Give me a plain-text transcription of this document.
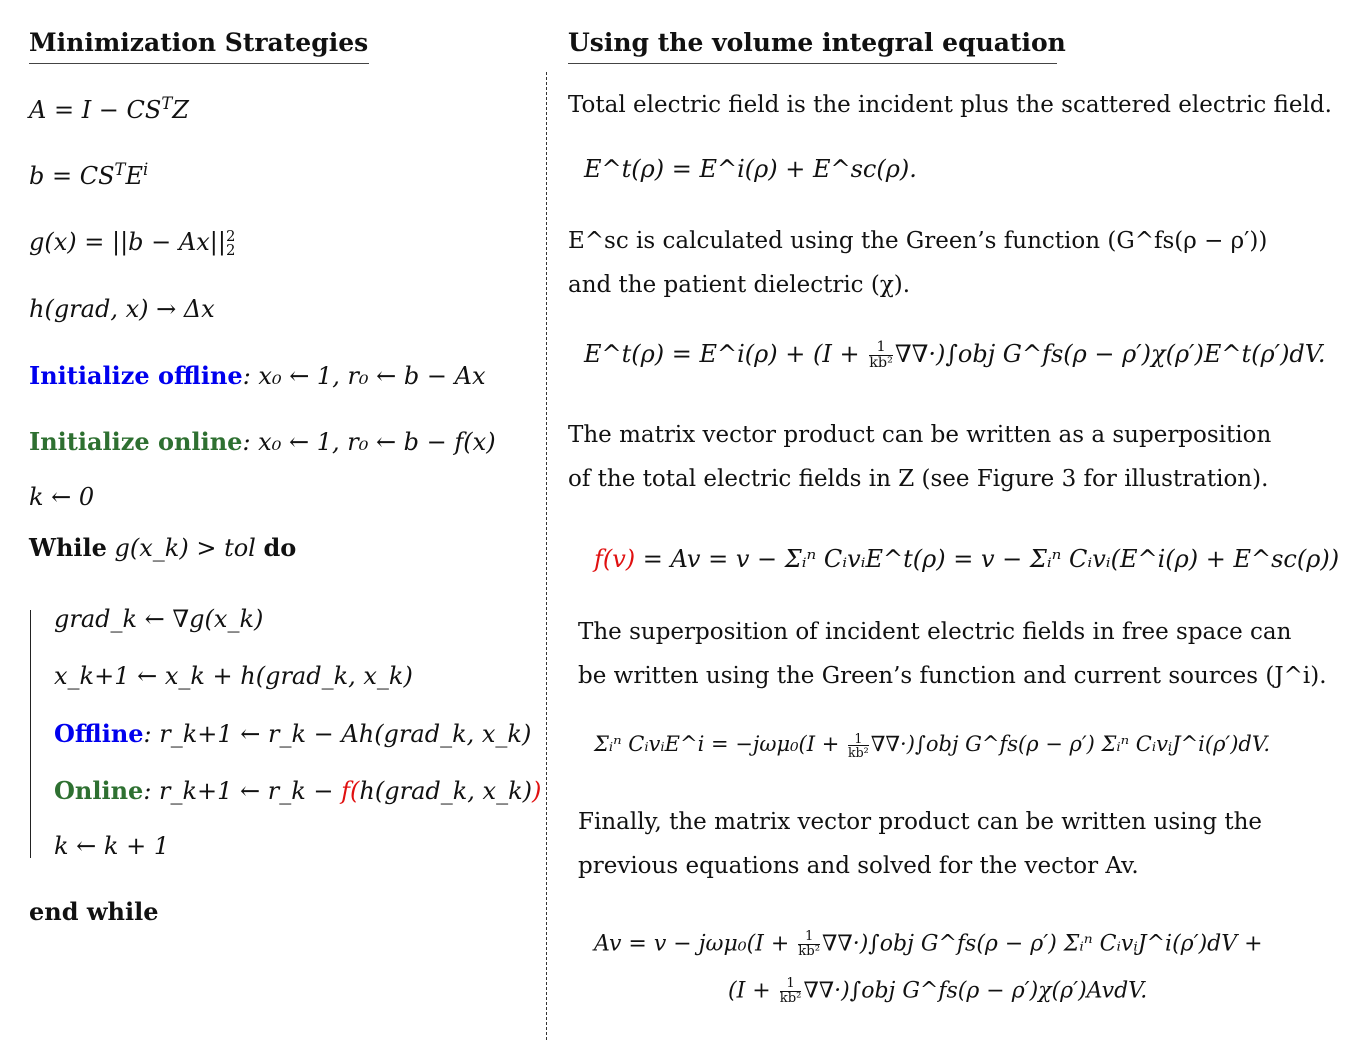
Minimization Strategies
$A = I - CS^TZ$
$b = CS^TE^i$
g(x) = ||b − Ax|| 2
2
h(grad, x) → Δx
Initialize offline: x₀ ← 1, r₀ ← b − Ax
Initialize online: x₀ ← 1, r₀ ← b − f(x)
k ← 0
While g(x_k) > tol do
grad_k ← ∇g(x_k)
x_k+1 ← x_k + h(grad_k, x_k)
Offline: r_k+1 ← r_k − Ah(grad_k, x_k)
Online: r_k+1 ← r_k − f(h(grad_k, x_k))
k ← k + 1
end while
Using the volume integral equation
Total electric field is the incident plus the scattered electric field.
E^t(ρ) = E^i(ρ) + E^sc(ρ).
E^sc is calculated using the Green’s function (G^fs(ρ − ρ′))
and the patient dielectric (χ).
E^t(ρ) = E^i(ρ) + $(I + \frac{1}{\text{kb²}} \nabla\nabla\cdot)\int obj$ G^fs(ρ − ρ′)χ(ρ′)E^t(ρ′)dV.
The matrix vector product can be written as a superposition
of the total electric fields in Z (see Figure 3 for illustration).
f(v) = Av = v − Σᵢⁿ CᵢvᵢE^t(ρ) = v − Σᵢⁿ Cᵢvᵢ(E^i(ρ) + E^sc(ρ))
The superposition of incident electric fields in free space can
be written using the Green’s function and current sources (J^i).
Σᵢⁿ CᵢvᵢE^i = $-j\omega\mu_0(I + \frac{1}{\text{kb²}} \nabla\nabla\cdot)\int obj$ G^fs(ρ − ρ′) Σᵢⁿ CᵢvᵢJ^i(ρ′)dV.
Finally, the matrix vector product can be written using the
previous equations and solved for the vector Av.
$Av = v - j\omega\mu_0(I + \frac{1}{\text{kb²}} \nabla\nabla\cdot)\int obj$ G^fs(ρ − ρ′) Σᵢⁿ CᵢvᵢJ^i(ρ′)dV +
$(I + \frac{1}{\text{kb²}} \nabla\nabla\cdot)\int obj$ G^fs(ρ − ρ′)χ(ρ′)AvdV.
